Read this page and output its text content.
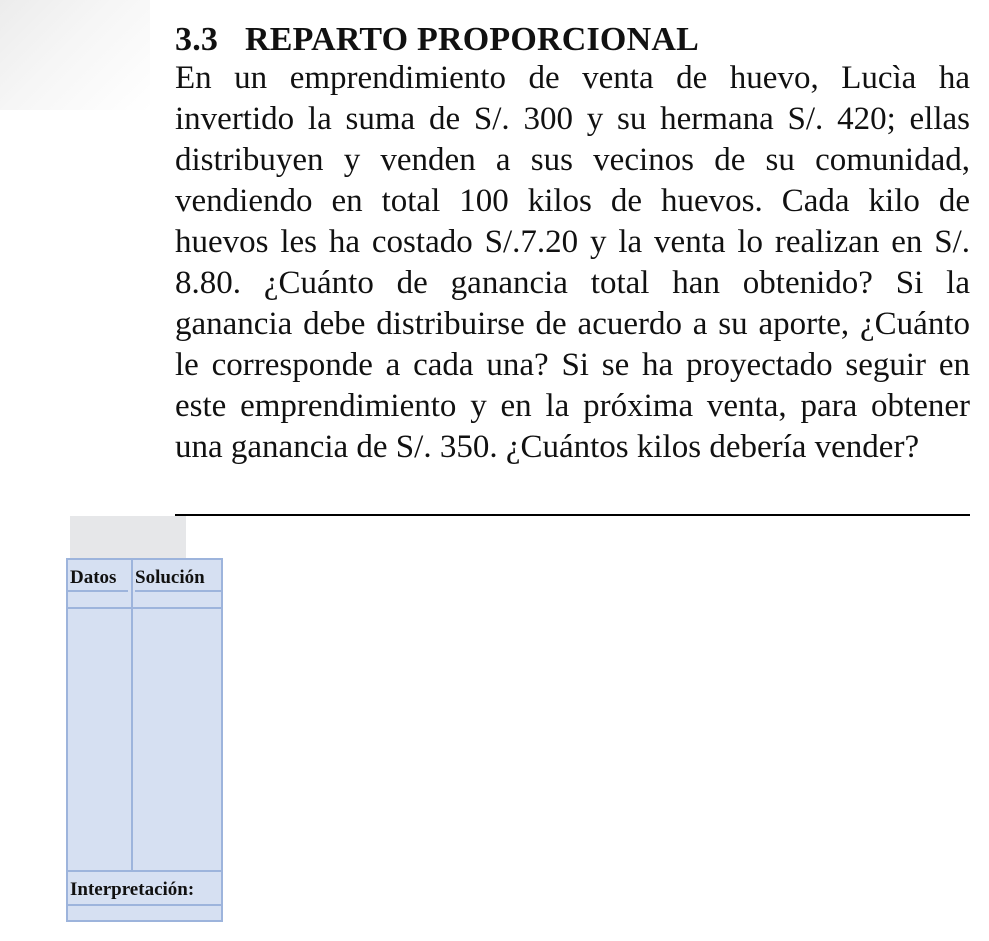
3.3 REPARTO PROPORCIONAL

En un emprendimiento de venta de huevo, Lucìa ha invertido la suma de S/. 300 y su hermana S/. 420; ellas distribuyen y venden a sus vecinos de su comunidad, vendiendo en total 100 kilos de huevos. Cada kilo de huevos les ha costado S/.7.20 y la venta lo realizan en S/. 8.80. ¿Cuánto de ganancia total han obtenido? Si la ganancia debe distribuirse de acuerdo a su aporte, ¿Cuánto le corresponde a cada una? Si se ha proyectado seguir en este emprendimiento y en la próxima venta, para obtener una ganancia de S/. 350. ¿Cuántos kilos debería vender?

Datos Solución
Interpretación:
